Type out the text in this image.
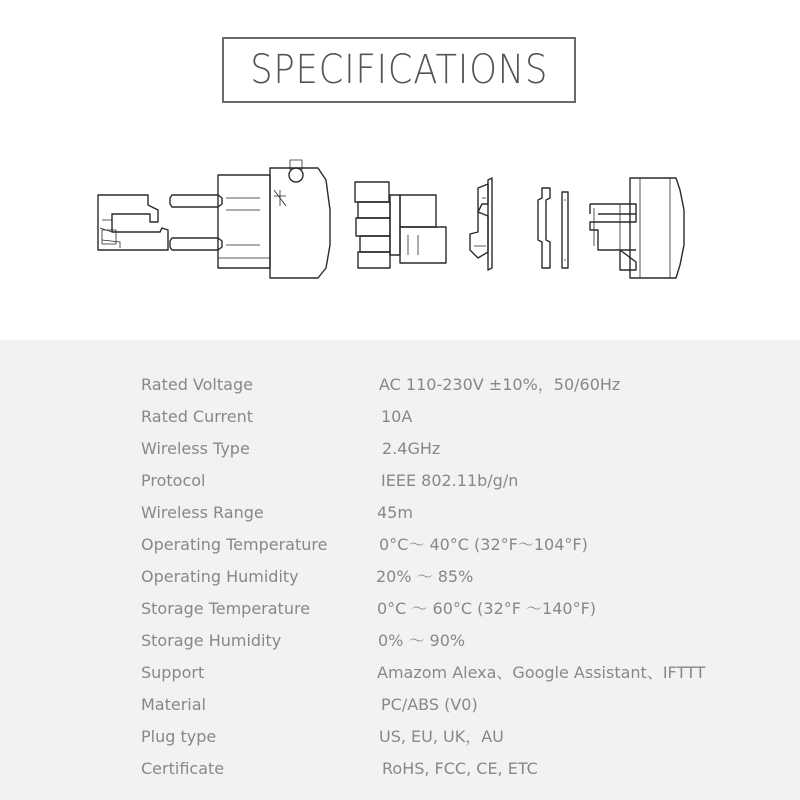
SPECIFICATIONS
Rated Voltage	AC 110-230V ±10%，50/60Hz
Rated Current	10A
Wireless Type	2.4GHz
Protocol	IEEE 802.11b/g/n
Wireless Range	45m
Operating Temperature	0°C～ 40°C (32°F～104°F)
Operating Humidity	20% ～ 85%
Storage Temperature	0°C ～ 60°C (32°F ～140°F)
Storage Humidity	0% ～ 90%
Support	Amazom Alexa、Google Assistant、IFTTT
Material	PC/ABS (V0)
Plug type	US, EU, UK，AU
Certificate	RoHS, FCC, CE, ETC
